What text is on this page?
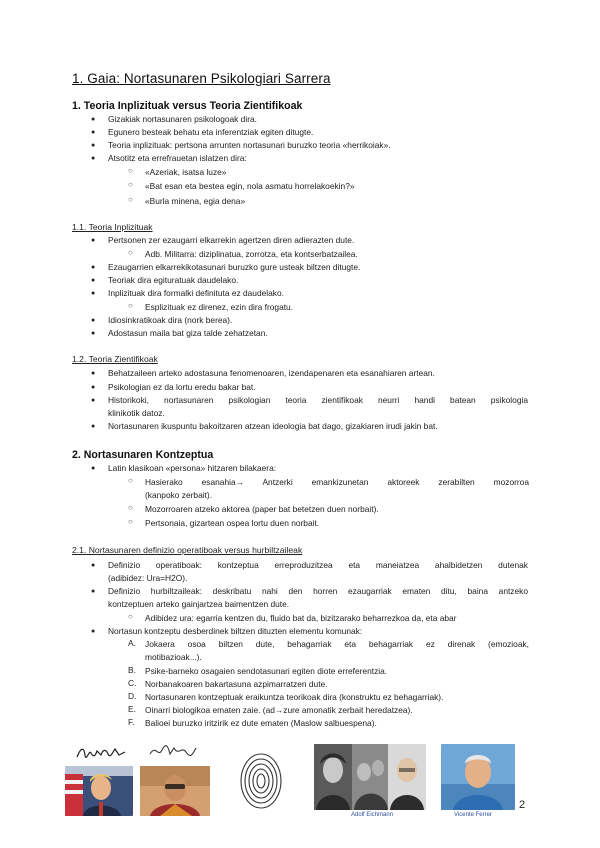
1. Gaia: Nortasunaren Psikologiari Sarrera
1. Teoria Inplizituak versus Teoria Zientifikoak
● Gizakiak nortasunaren psikologoak dira.
● Egunero besteak behatu eta inferentziak egiten ditugte.
● Teoria inplizituak: pertsona arrunten nortasunari buruzko teoria «herrikoiak».
● Atsotitz eta errefrauetan islatzen dira:
○ «Azeriak, isatsa luze»
○ «Bat esan eta bestea egin, nola asmatu horrelakoekin?»
○ «Burla minena, egia dena»
1.1. Teoria Inplizituak
● Pertsonen zer ezaugarri elkarrekin agertzen diren adierazten dute.
○ Adb. Militarra: diziplinatua, zorrotza, eta kontserbatzailea.
● Ezaugarrien elkarrekikotasunari buruzko gure usteak biltzen ditugte.
● Teoriak dira egituratuak daudelako.
● Inplizituak dira formalki definituta ez daudelako.
○ Esplizituak ez direnez, ezin dira frogatu.
● Idiosinkratikoak dira (nork berea).
● Adostasun maila bat giza talde zehatzetan.
1.2. Teoria Zientifikoak
● Behatzaileen arteko adostasuna fenomenoaren, izendapenaren eta esanahiaren artean.
● Psikologian ez da lortu eredu bakar bat.
● Historikoki, nortasunaren psikologian teoria zientifikoak neurri handi batean psikologia
klinikotik datoz.
● Nortasunaren ikuspuntu bakoitzaren atzean ideologia bat dago, gizakiaren irudi jakin bat.
2. Nortasunaren Kontzeptua
● Latin klasikoan «persona» hitzaren bilakaera:
○ Hasierako esanahia→ Antzerki emankizunetan aktoreek zerabilten mozorroa
(kanpoko zerbait).
○ Mozorroaren atzeko aktorea (paper bat betetzen duen norbait).
○ Pertsonaia, gizartean ospea lortu duen norbait.
2.1. Nortasunaren definizio operatiboak versus hurbiltzaileak
● Definizio operatiboak: kontzeptua erreproduzitzea eta maneiatzea ahalbidetzen dutenak
(adibidez: Ura=H2O).
● Definizio hurbiltzaileak: deskribatu nahi den horren ezaugarriak ematen ditu, baina antzeko
kontzeptuen arteko gainjartzea baimentzen dute.
○ Adibidez ura: egarria kentzen du, fluido bat da, bizitzarako beharrezkoa da, eta abar
● Nortasun kontzeptu desberdinek biltzen dituzten elementu komunak:
A. Jokaera osoa biltzen dute, behagarriak eta behagarriak ez direnak (emozioak,
motibazioak...).
B. Psike-barneko osagaien sendotasunari egiten diote erreferentzia.
C. Norbanakoaren bakartasuna azpimarratzen dute.
D. Nortasunaren kontzeptuak eraikuntza teorikoak dira (konstruktu ez behagarriak).
E. Oinarri biologikoa ematen zaie. (ad→zure amonatik zerbait heredatzea).
F. Balioei buruzko iritzirik ez dute ematen (Maslow salbuespena).
Adolf Eichmann	Vicente Ferrer
2
